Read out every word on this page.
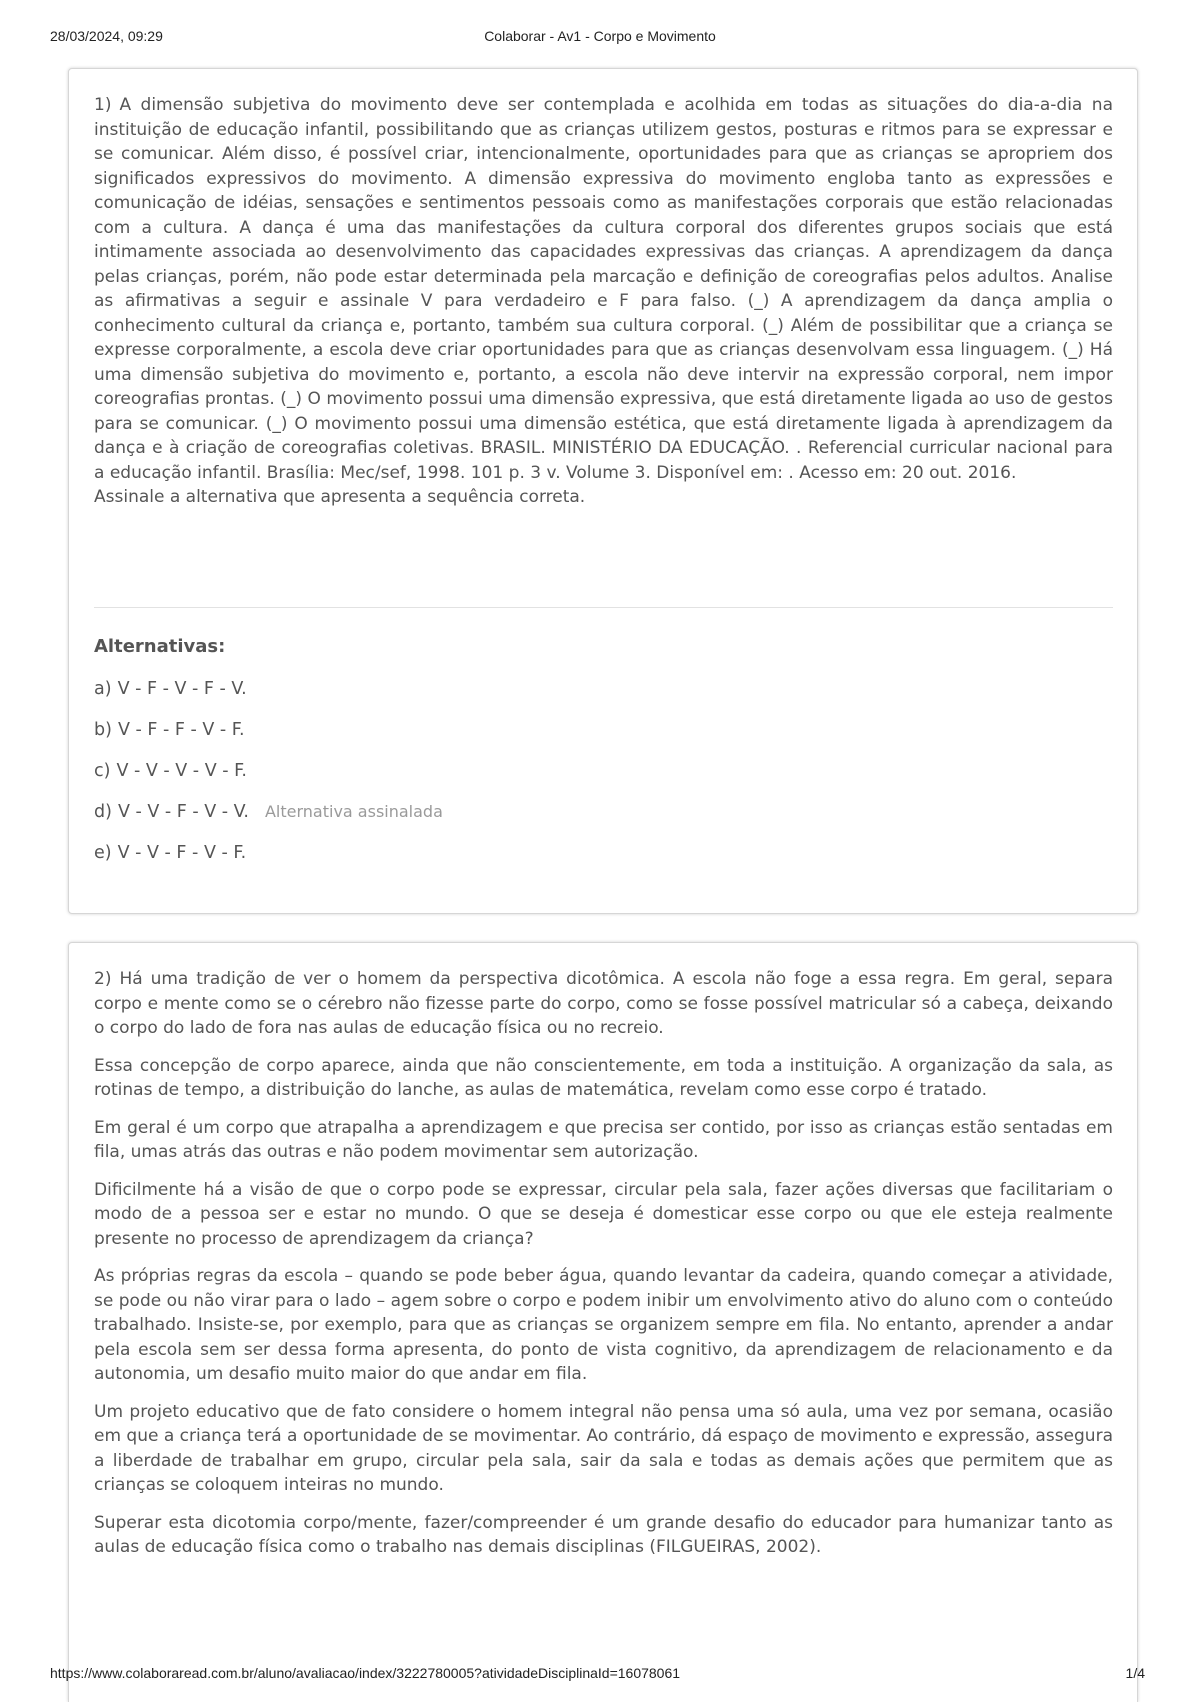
28/03/2024, 09:29	Colaborar - Av1 - Corpo e Movimento

1) A dimensão subjetiva do movimento deve ser contemplada e acolhida em todas as situações do dia-a-dia na instituição de educação infantil, possibilitando que as crianças utilizem gestos, posturas e ritmos para se expressar e se comunicar. Além disso, é possível criar, intencionalmente, oportunidades para que as crianças se apropriem dos significados expressivos do movimento. A dimensão expressiva do movimento engloba tanto as expressões e comunicação de idéias, sensações e sentimentos pessoais como as manifestações corporais que estão relacionadas com a cultura. A dança é uma das manifestações da cultura corporal dos diferentes grupos sociais que está intimamente associada ao desenvolvimento das capacidades expressivas das crianças. A aprendizagem da dança pelas crianças, porém, não pode estar determinada pela marcação e definição de coreografias pelos adultos. Analise as afirmativas a seguir e assinale V para verdadeiro e F para falso. (_) A aprendizagem da dança amplia o conhecimento cultural da criança e, portanto, também sua cultura corporal. (_) Além de possibilitar que a criança se expresse corporalmente, a escola deve criar oportunidades para que as crianças desenvolvam essa linguagem. (_) Há uma dimensão subjetiva do movimento e, portanto, a escola não deve intervir na expressão corporal, nem impor coreografias prontas. (_) O movimento possui uma dimensão expressiva, que está diretamente ligada ao uso de gestos para se comunicar. (_) O movimento possui uma dimensão estética, que está diretamente ligada à aprendizagem da dança e à criação de coreografias coletivas. BRASIL. MINISTÉRIO DA EDUCAÇÃO. . Referencial curricular nacional para a educação infantil. Brasília: Mec/sef, 1998. 101 p. 3 v. Volume 3. Disponível em: . Acesso em: 20 out. 2016.
Assinale a alternativa que apresenta a sequência correta.

Alternativas:
a) V - F - V - F - V.
b) V - F - F - V - F.
c) V - V - V - V - F.
d) V - V - F - V - V. Alternativa assinalada
e) V - V - F - V - F.

2) Há uma tradição de ver o homem da perspectiva dicotômica. A escola não foge a essa regra. Em geral, separa corpo e mente como se o cérebro não fizesse parte do corpo, como se fosse possível matricular só a cabeça, deixando o corpo do lado de fora nas aulas de educação física ou no recreio.

Essa concepção de corpo aparece, ainda que não conscientemente, em toda a instituição. A organização da sala, as rotinas de tempo, a distribuição do lanche, as aulas de matemática, revelam como esse corpo é tratado.

Em geral é um corpo que atrapalha a aprendizagem e que precisa ser contido, por isso as crianças estão sentadas em fila, umas atrás das outras e não podem movimentar sem autorização.

Dificilmente há a visão de que o corpo pode se expressar, circular pela sala, fazer ações diversas que facilitariam o modo de a pessoa ser e estar no mundo. O que se deseja é domesticar esse corpo ou que ele esteja realmente presente no processo de aprendizagem da criança?

As próprias regras da escola – quando se pode beber água, quando levantar da cadeira, quando começar a atividade, se pode ou não virar para o lado – agem sobre o corpo e podem inibir um envolvimento ativo do aluno com o conteúdo trabalhado. Insiste-se, por exemplo, para que as crianças se organizem sempre em fila. No entanto, aprender a andar pela escola sem ser dessa forma apresenta, do ponto de vista cognitivo, da aprendizagem de relacionamento e da autonomia, um desafio muito maior do que andar em fila.

Um projeto educativo que de fato considere o homem integral não pensa uma só aula, uma vez por semana, ocasião em que a criança terá a oportunidade de se movimentar. Ao contrário, dá espaço de movimento e expressão, assegura a liberdade de trabalhar em grupo, circular pela sala, sair da sala e todas as demais ações que permitem que as crianças se coloquem inteiras no mundo.

Superar esta dicotomia corpo/mente, fazer/compreender é um grande desafio do educador para humanizar tanto as aulas de educação física como o trabalho nas demais disciplinas (FILGUEIRAS, 2002).

https://www.colaboraread.com.br/aluno/avaliacao/index/3222780005?atividadeDisciplinaId=16078061	1/4
